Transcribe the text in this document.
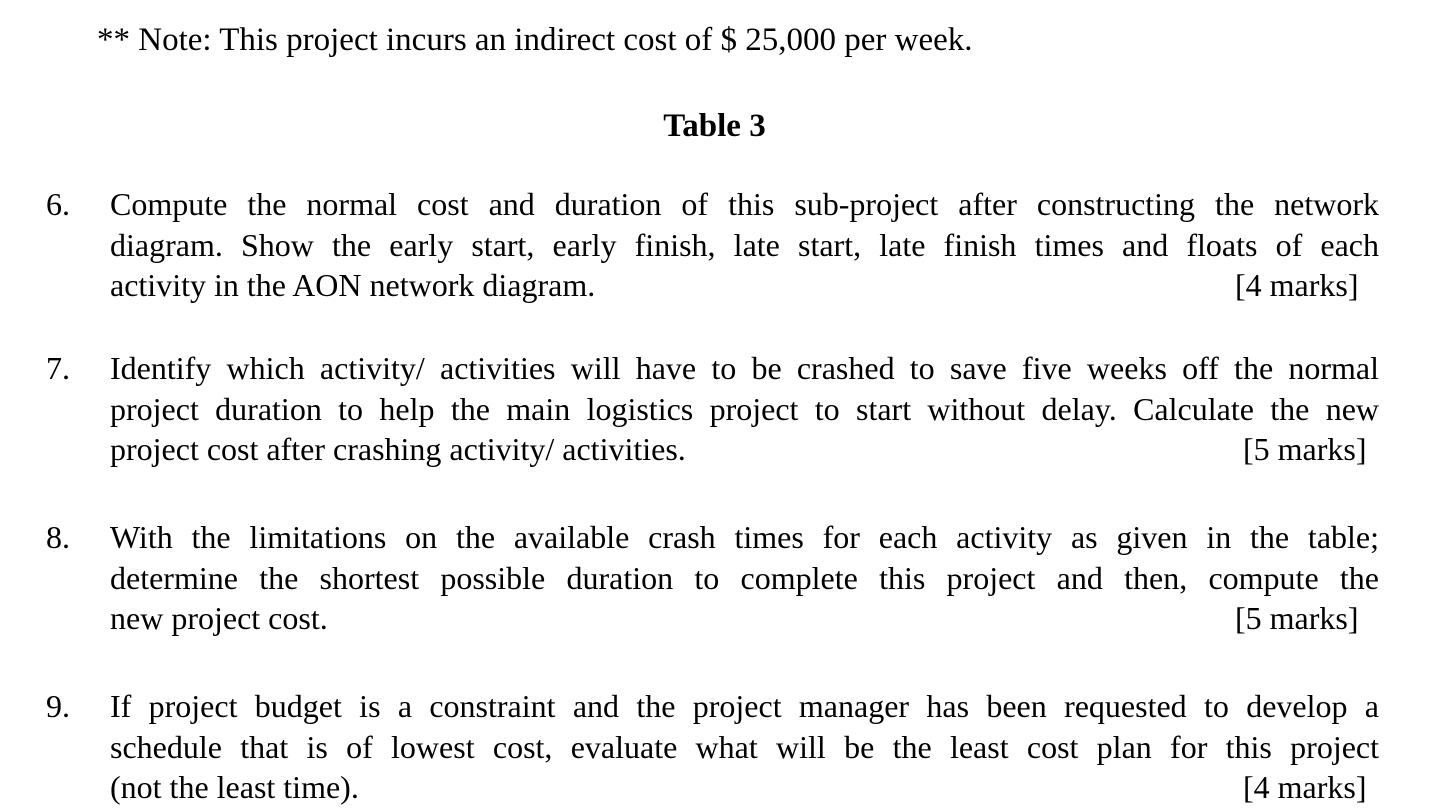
** Note: This project incurs an indirect cost of $ 25,000 per week.
Table 3
6. Compute the normal cost and duration of this sub-project after constructing the network
diagram. Show the early start, early finish, late start, late finish times and floats of each
activity in the AON network diagram.	[4 marks]
7. Identify which activity/ activities will have to be crashed to save five weeks off the normal
project duration to help the main logistics project to start without delay. Calculate the new
project cost after crashing activity/ activities.	[5 marks]
8. With the limitations on the available crash times for each activity as given in the table;
determine the shortest possible duration to complete this project and then, compute the
new project cost.	[5 marks]
9. If project budget is a constraint and the project manager has been requested to develop a
schedule that is of lowest cost, evaluate what will be the least cost plan for this project
(not the least time).	[4 marks]
